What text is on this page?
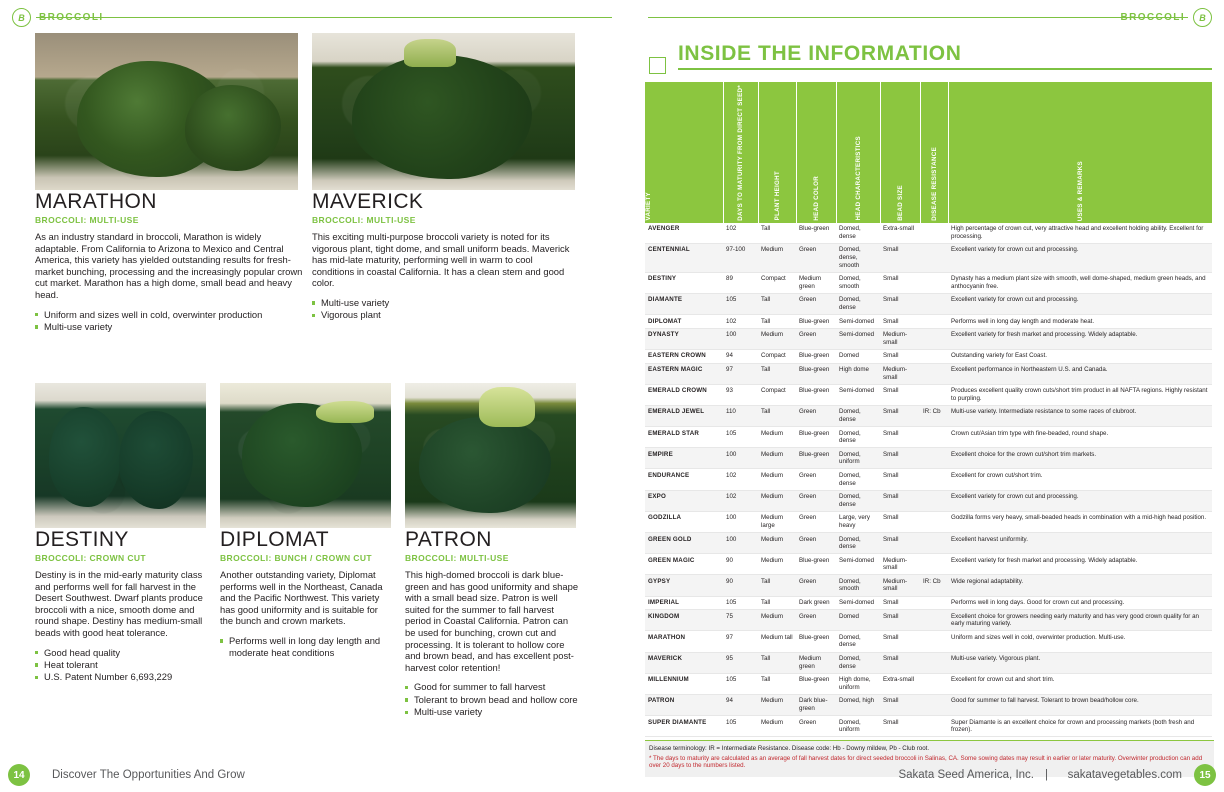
B
MARATHON
BROCCOLI: MULTI-USE
As an industry standard in broccoli, Marathon is widely adaptable. From California to Arizona to Mexico and Central America, this variety has yielded outstanding results for fresh-market bunching, processing and the increasingly popular crown cut market. Marathon has a high dome, small bead and heavy head.
Uniform and sizes well in cold, overwinter production
Multi-use variety
MAVERICK
BROCCOLI: MULTI-USE
This exciting multi-purpose broccoli variety is noted for its vigorous plant, tight dome, and small uniform beads. Maverick has mid-late maturity, performing well in warm to cool conditions in coastal California. It has a clean stem and good color.
Multi-use variety
Vigorous plant
DESTINY
BROCCOLI: CROWN CUT
Destiny is in the mid-early maturity class and performs well for fall harvest in the Desert Southwest. Dwarf plants produce broccoli with a nice, smooth dome and round shape. Destiny has medium-small beads with good heat tolerance.
Good head quality
Heat tolerant
U.S. Patent Number 6,693,229
DIPLOMAT
BROCCOLI: BUNCH / CROWN CUT
Another outstanding variety, Diplomat performs well in the Northeast, Canada and the Pacific Northwest. This variety has good uniformity and is suitable for the bunch and crown markets.
Performs well in long day length and moderate heat conditions
PATRON
BROCCOLI: MULTI-USE
This high-domed broccoli is dark blue-green and has good uniformity and shape with a small bead size. Patron is well suited for the summer to fall harvest period in Coastal California. Patron can be used for bunching, crown cut and processing. It is tolerant to hollow core and brown bead, and has excellent post-harvest color retention!
Good for summer to fall harvest
Tolerant to brown bead and hollow core
Multi-use variety
14	Discover The Opportunities And Grow
B
INSIDE THE INFORMATION
VARIETY	DAYS TO MATURITY FROM DIRECT SEED*	PLANT HEIGHT	HEAD COLOR	HEAD CHARACTERISTICS	BEAD SIZE	DISEASE RESISTANCE	USES & REMARKS
AVENGER	102	Tall	Blue-green	Domed, dense	Extra-small		High percentage of crown cut, very attractive head and excellent holding ability. Excellent for processing.
CENTENNIAL	97-100	Medium	Green	Domed, dense, smooth	Small		Excellent variety for crown cut and processing.
DESTINY	89	Compact	Medium green	Domed, smooth	Small		Dynasty has a medium plant size with smooth, well dome-shaped, medium green heads, and anthocyanin free.
DIAMANTE	105	Tall	Green	Domed, dense	Small		Excellent variety for crown cut and processing.
DIPLOMAT	102	Tall	Blue-green	Semi-domed	Small		Performs well in long day length and moderate heat.
DYNASTY	100	Medium	Green	Semi-domed	Medium-small		Excellent variety for fresh market and processing. Widely adaptable.
EASTERN CROWN	94	Compact	Blue-green	Domed	Small		Outstanding variety for East Coast.
EASTERN MAGIC	97	Tall	Blue-green	High dome	Medium-small		Excellent performance in Northeastern U.S. and Canada.
EMERALD CROWN	93	Compact	Blue-green	Semi-domed	Small		Produces excellent quality crown cuts/short trim product in all NAFTA regions. Highly resistant to purpling.
EMERALD JEWEL	110	Tall	Green	Domed, dense	Small	IR: Cb	Multi-use variety. Intermediate resistance to some races of clubroot.
EMERALD STAR	105	Medium	Blue-green	Domed, dense	Small		Crown cut/Asian trim type with fine-beaded, round shape.
EMPIRE	100	Medium	Blue-green	Domed, uniform	Small		Excellent choice for the crown cut/short trim markets.
ENDURANCE	102	Medium	Green	Domed, dense	Small		Excellent for crown cut/short trim.
EXPO	102	Medium	Green	Domed, dense	Small		Excellent variety for crown cut and processing.
GODZILLA	100	Medium large	Green	Large, very heavy	Small		Godzilla forms very heavy, small-beaded heads in combination with a mid-high head position.
GREEN GOLD	100	Medium	Green	Domed, dense	Small		Excellent harvest uniformity.
GREEN MAGIC	90	Medium	Blue-green	Semi-domed	Medium-small		Excellent variety for fresh market and processing. Widely adaptable.
GYPSY	90	Tall	Green	Domed, smooth	Medium-small	IR: Cb	Wide regional adaptability.
IMPERIAL	105	Tall	Dark green	Semi-domed	Small		Performs well in long days. Good for crown cut and processing.
KINGDOM	75	Medium	Green	Domed	Small		Excellent choice for growers needing early maturity and has very good crown quality for an early maturing variety.
MARATHON	97	Medium tall	Blue-green	Domed, dense	Small		Uniform and sizes well in cold, overwinter production. Multi-use.
MAVERICK	95	Tall	Medium green	Domed, dense	Small		Multi-use variety. Vigorous plant.
MILLENNIUM	105	Tall	Blue-green	High dome, uniform	Extra-small		Excellent for crown cut and short trim.
PATRON	94	Medium	Dark blue-green	Domed, high	Small		Good for summer to fall harvest. Tolerant to brown bead/hollow core.
SUPER DIAMANTE	105	Medium	Green	Domed, uniform	Small		Super Diamante is an excellent choice for crown and processing markets (both fresh and frozen).

Disease terminology: IR = Intermediate Resistance. Disease code: Hb - Downy mildew, Pb - Club root.

* The days to maturity are calculated as an average of fall harvest dates for direct seeded broccoli in Salinas, CA. Some sowing dates may result in earlier or later maturity. Overwinter production can add over 20 days to the numbers listed.

15
sakatavegetables.com
|
Sakata Seed America, Inc.
